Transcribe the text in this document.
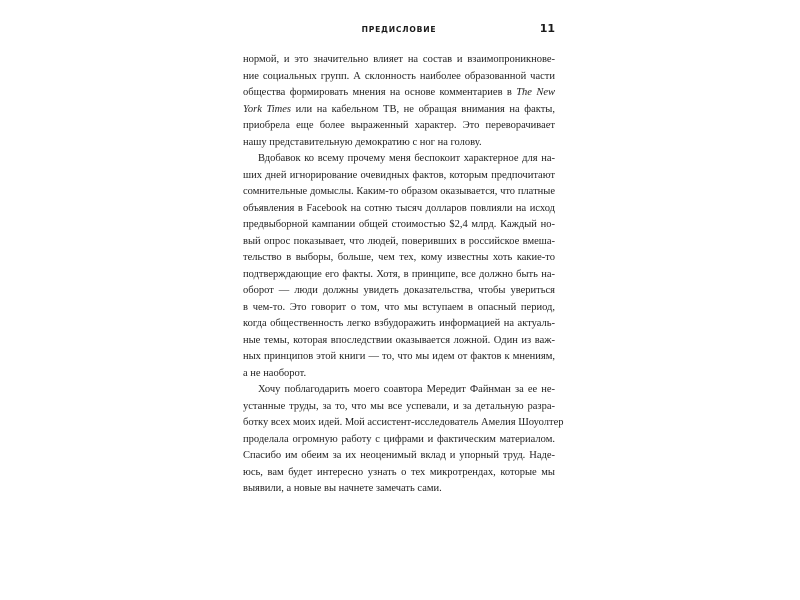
ПРЕДИСЛОВИЕ	11

нормой, и это значительно влияет на состав и взаимопроникнове-
ние социальных групп. А склонность наиболее образованной части
общества формировать мнения на основе комментариев в The New
York Times или на кабельном ТВ, не обращая внимания на факты,
приобрела еще более выраженный характер. Это переворачивает
нашу представительную демократию с ног на голову.

Вдобавок ко всему прочему меня беспокоит характерное для на-
ших дней игнорирование очевидных фактов, которым предпочитают
сомнительные домыслы. Каким-то образом оказывается, что платные
объявления в Facebook на сотню тысяч долларов повлияли на исход
предвыборной кампании общей стоимостью $2,4 млрд. Каждый но-
вый опрос показывает, что людей, поверивших в российское вмеша-
тельство в выборы, больше, чем тех, кому известны хоть какие-то
подтверждающие его факты. Хотя, в принципе, все должно быть на-
оборот — люди должны увидеть доказательства, чтобы увериться
в чем-то. Это говорит о том, что мы вступаем в опасный период,
когда общественность легко взбудоражить информацией на актуаль-
ные темы, которая впоследствии оказывается ложной. Один из важ-
ных принципов этой книги — то, что мы идем от фактов к мнениям,
а не наоборот.

Хочу поблагодарить моего соавтора Мередит Файнман за ее не-
устанные труды, за то, что мы все успевали, и за детальную разра-
ботку всех моих идей. Мой ассистент-исследователь Амелия Шоуолтер
проделала огромную работу с цифрами и фактическим материалом.
Спасибо им обеим за их неоценимый вклад и упорный труд. Наде-
юсь, вам будет интересно узнать о тех микротрендах, которые мы
выявили, а новые вы начнете замечать сами.
